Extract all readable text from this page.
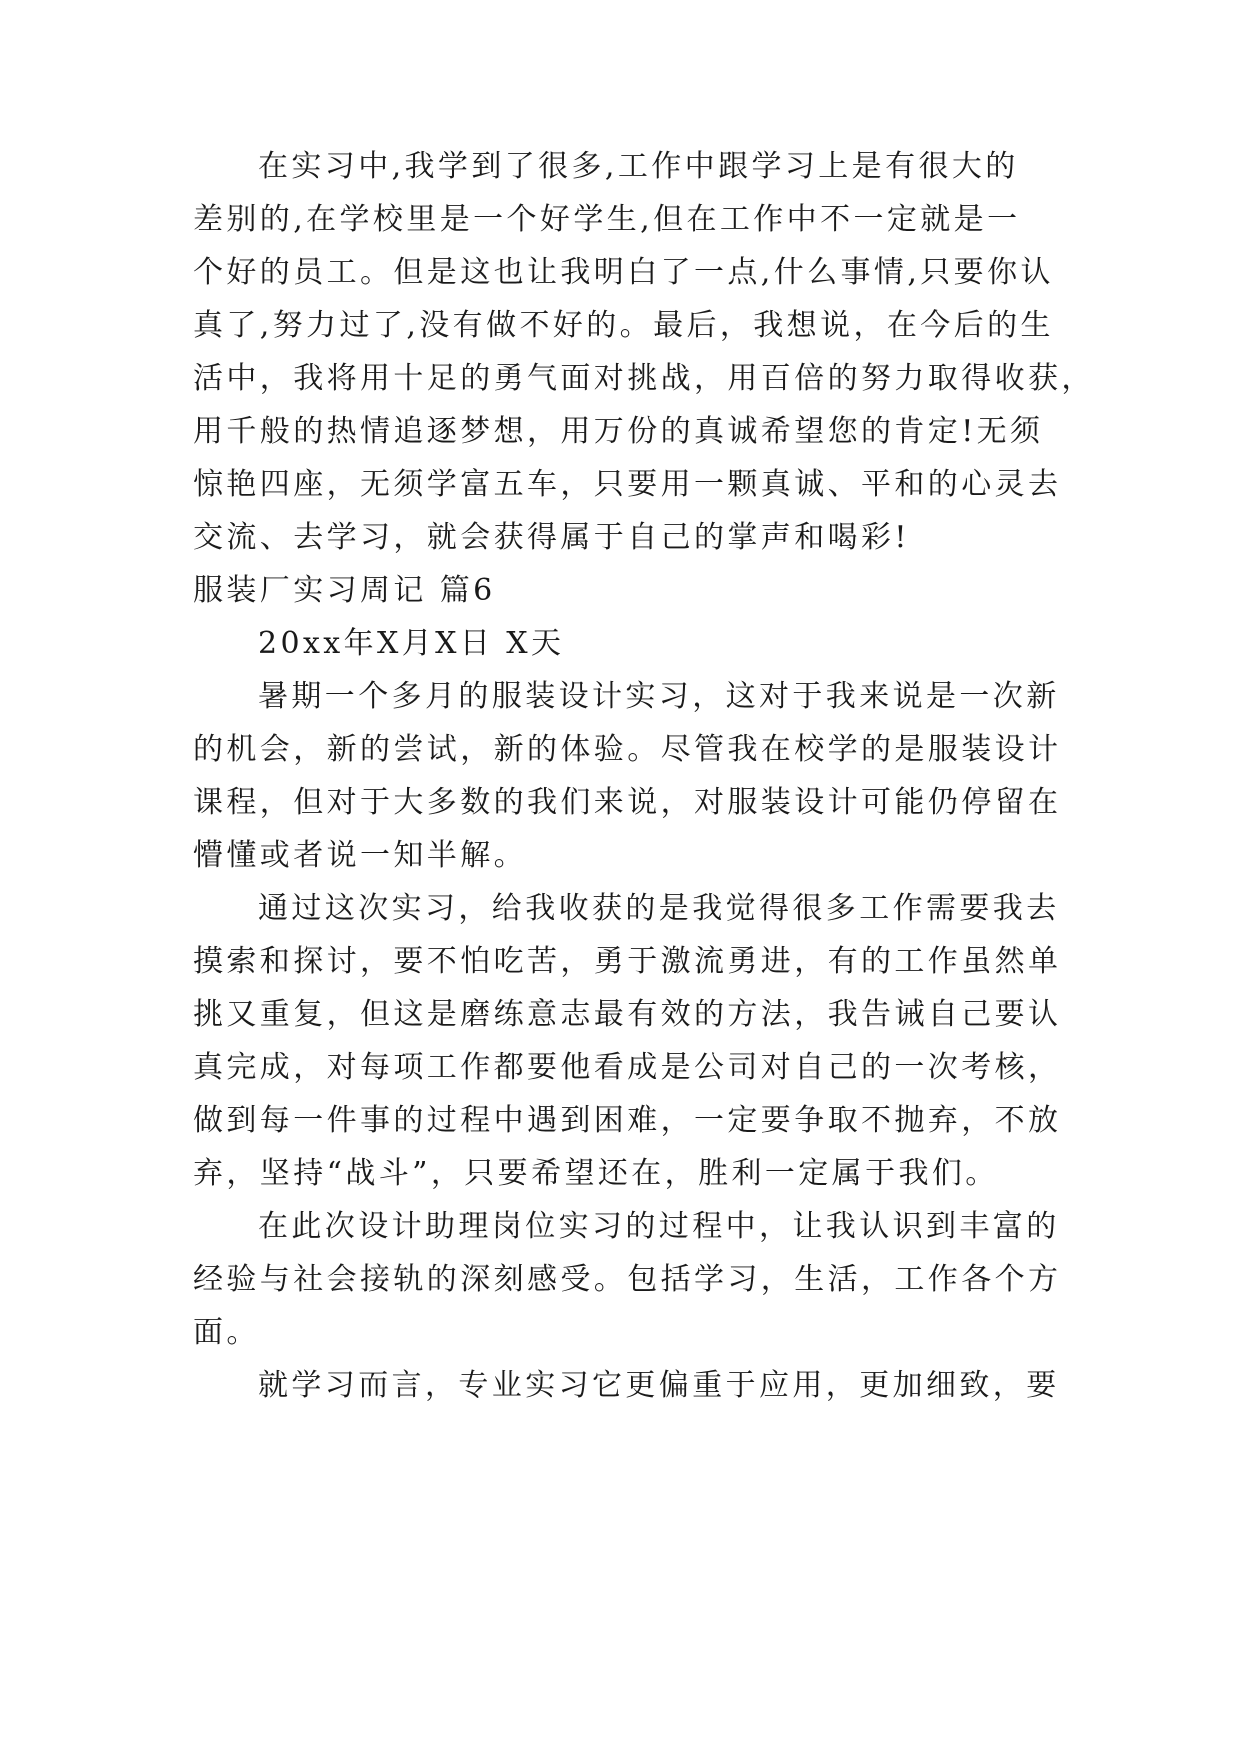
在实习中,我学到了很多,工作中跟学习上是有很大的
差别的,在学校里是一个好学生,但在工作中不一定就是一
个好的员工。但是这也让我明白了一点,什么事情,只要你认
真了,努力过了,没有做不好的。最后，我想说，在今后的生
活中，我将用十足的勇气面对挑战，用百倍的努力取得收获，
用千般的热情追逐梦想，用万份的真诚希望您的肯定!无须
惊艳四座，无须学富五车，只要用一颗真诚、平和的心灵去
交流、去学习，就会获得属于自己的掌声和喝彩!
服装厂实习周记 篇6
20xx年X月X日 X天
暑期一个多月的服装设计实习，这对于我来说是一次新
的机会，新的尝试，新的体验。尽管我在校学的是服装设计
课程，但对于大多数的我们来说，对服装设计可能仍停留在
懵懂或者说一知半解。
通过这次实习，给我收获的是我觉得很多工作需要我去
摸索和探讨，要不怕吃苦，勇于激流勇进，有的工作虽然单
挑又重复，但这是磨练意志最有效的方法，我告诫自己要认
真完成，对每项工作都要他看成是公司对自己的一次考核，
做到每一件事的过程中遇到困难，一定要争取不抛弃，不放
弃，坚持“战斗”，只要希望还在，胜利一定属于我们。
在此次设计助理岗位实习的过程中，让我认识到丰富的
经验与社会接轨的深刻感受。包括学习，生活，工作各个方
面。
就学习而言，专业实习它更偏重于应用，更加细致，要
